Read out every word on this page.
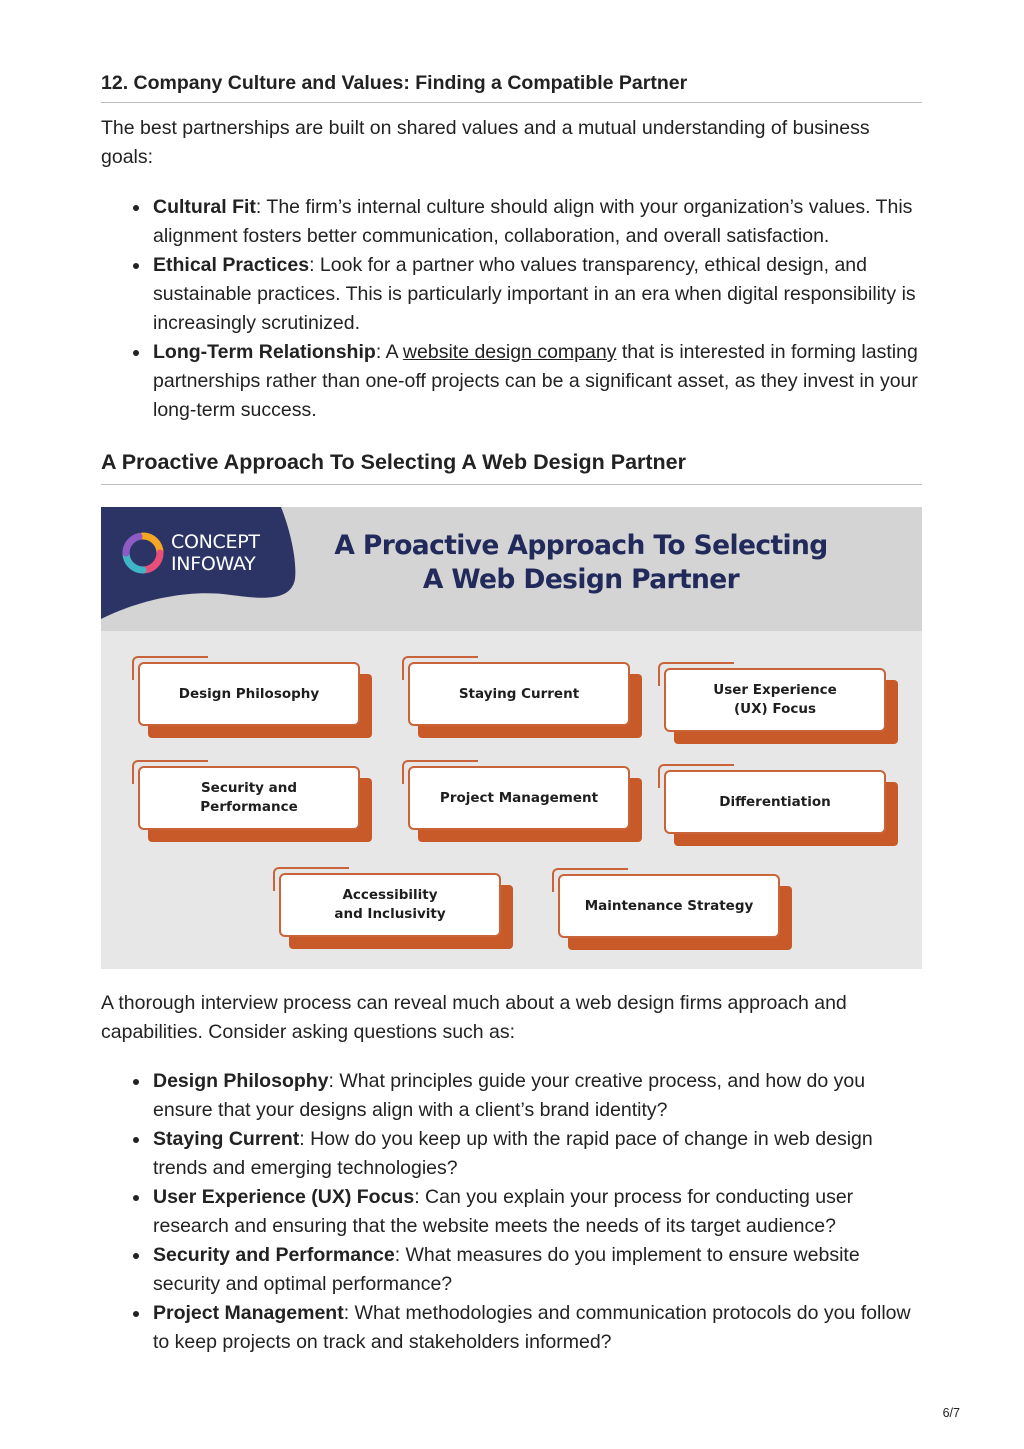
12. Company Culture and Values: Finding a Compatible Partner

The best partnerships are built on shared values and a mutual understanding of business goals:

Cultural Fit: The firm’s internal culture should align with your organization’s values. This alignment fosters better communication, collaboration, and overall satisfaction.
Ethical Practices: Look for a partner who values transparency, ethical design, and sustainable practices. This is particularly important in an era when digital responsibility is increasingly scrutinized.
Long-Term Relationship: A website design company that is interested in forming lasting partnerships rather than one-off projects can be a significant asset, as they invest in your long-term success.
A Proactive Approach To Selecting A Web Design Partner
CONCEPT
INFOWAY
A Proactive Approach To Selecting
A Web Design Partner
Design Philosophy	Staying Current	User Experience (UX) Focus
Security and Performance
Project Management	Differentiation
Accessibility and Inclusivity
Maintenance Strategy

A thorough interview process can reveal much about a web design firms approach and capabilities. Consider asking questions such as:

Design Philosophy: What principles guide your creative process, and how do you ensure that your designs align with a client’s brand identity?
Staying Current: How do you keep up with the rapid pace of change in web design trends and emerging technologies?
User Experience (UX) Focus: Can you explain your process for conducting user research and ensuring that the website meets the needs of its target audience?
Security and Performance: What measures do you implement to ensure website security and optimal performance?
Project Management: What methodologies and communication protocols do you follow to keep projects on track and stakeholders informed?
6/7
